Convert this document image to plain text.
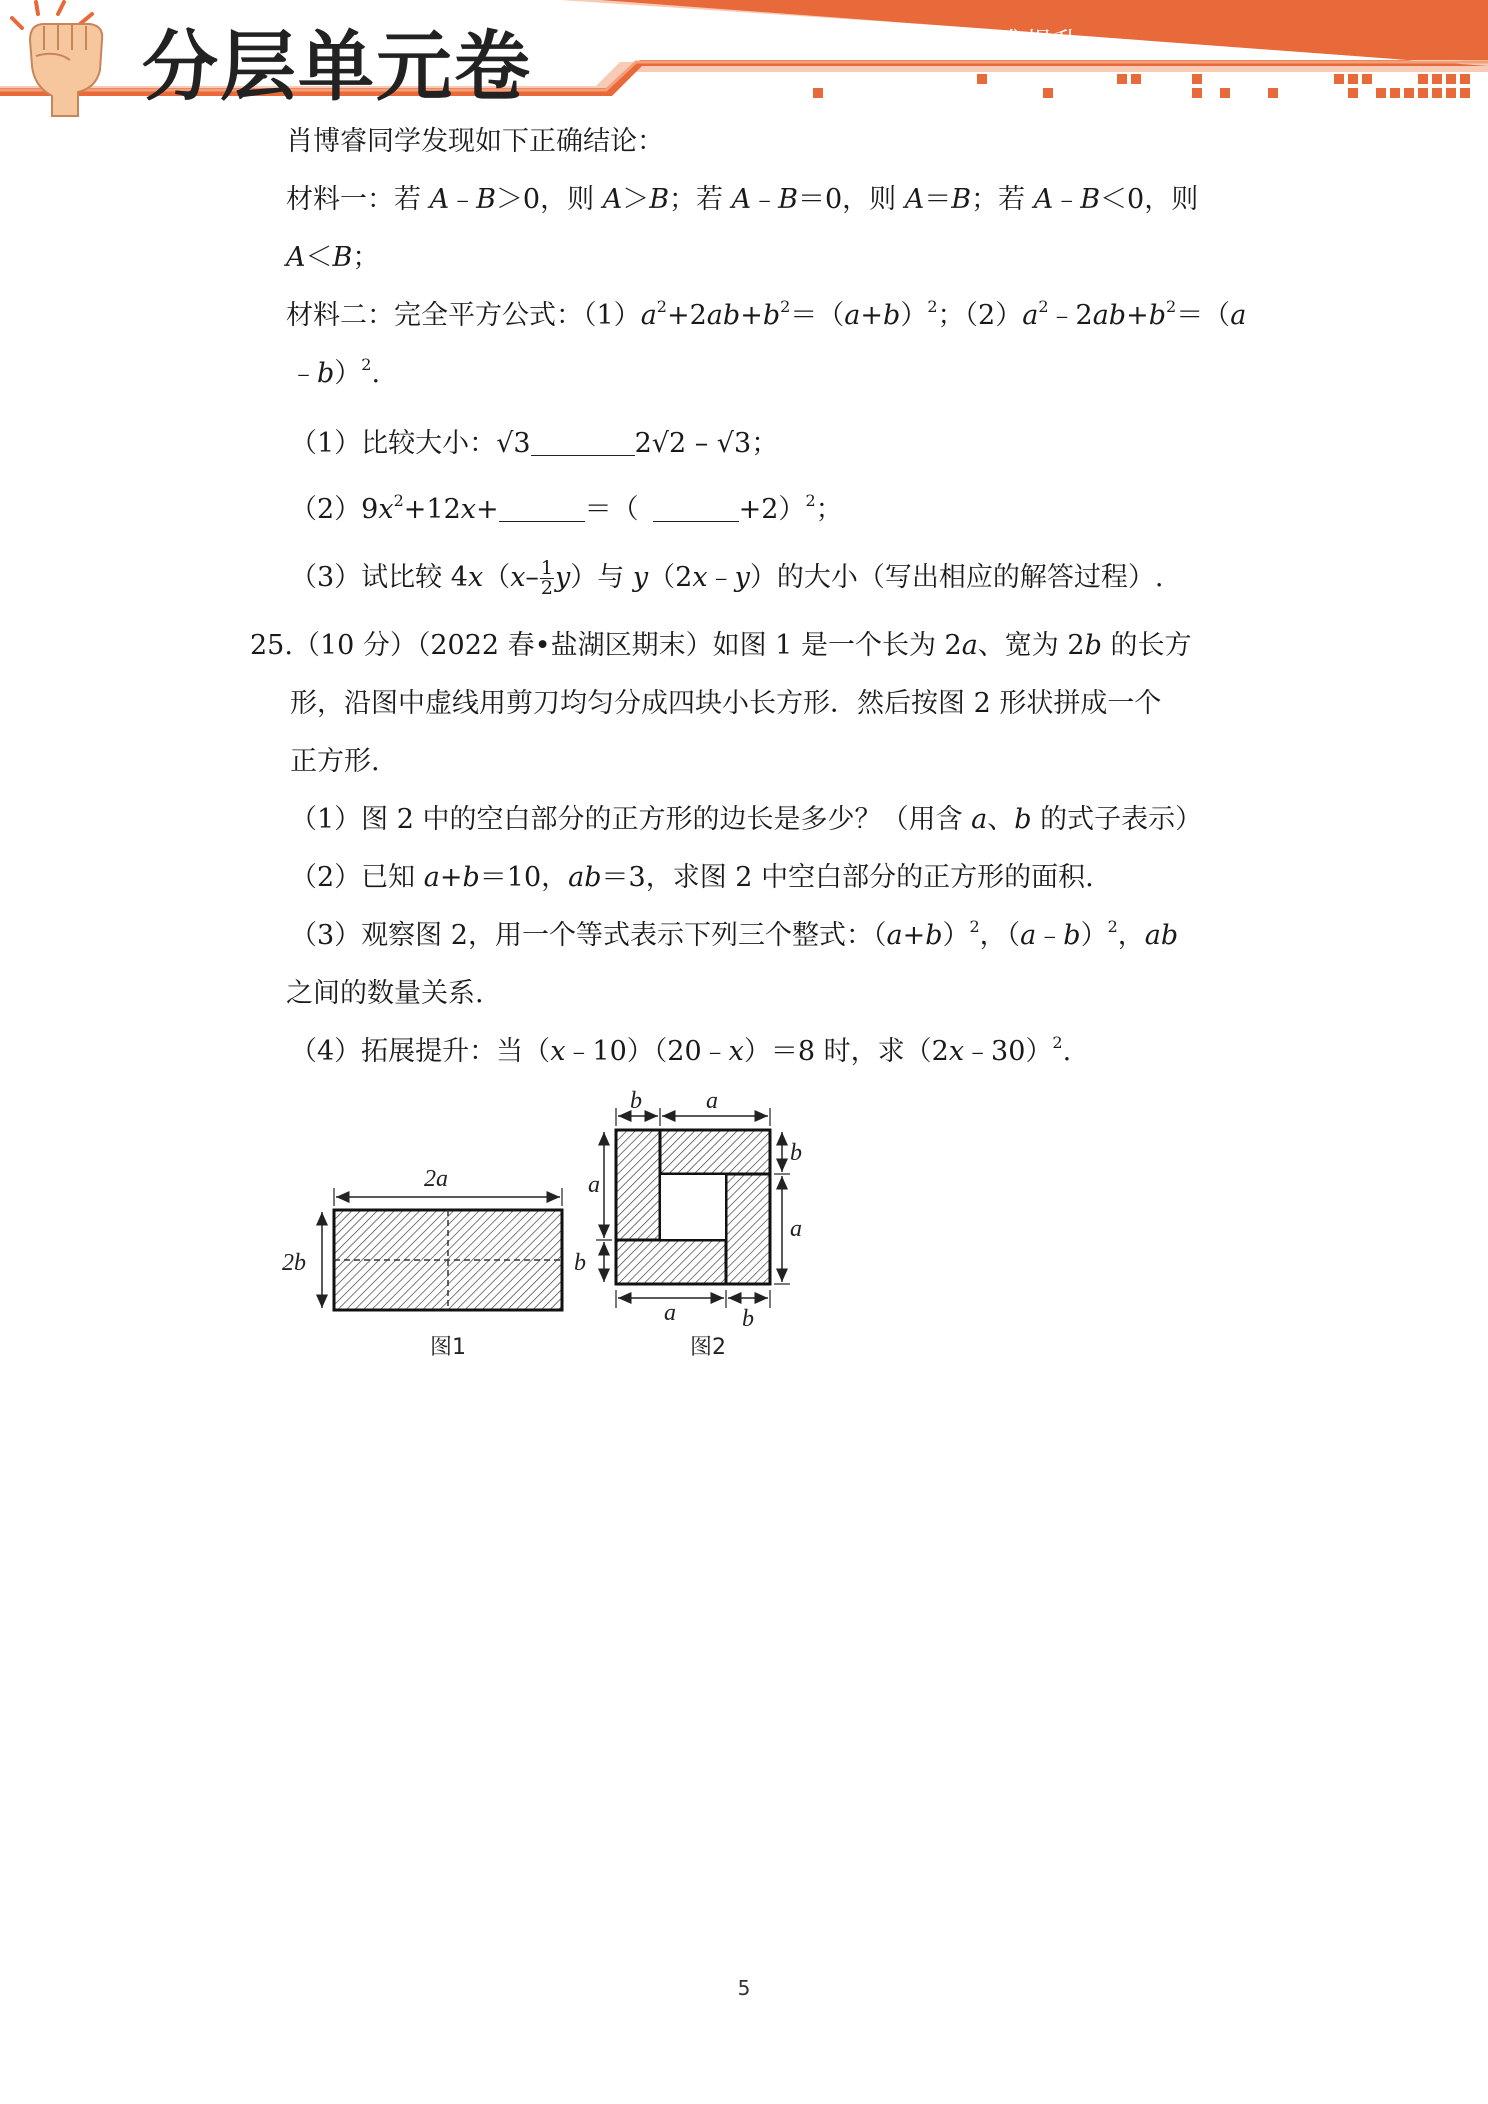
分层单元卷	名师伴学 分层好题 精准提升
肖博睿同学发现如下正确结论：
材料一：若 A﹣B＞0，则 A＞B；若 A﹣B＝0，则 A＝B；若 A﹣B＜0，则
A＜B；
材料二：完全平方公式：$(1)a^2+2ab+b^2=(a+b)^2$；$(2)a^2﹣2ab+b^2=(a$
﹣b）$^2$.
（1）比较大小：√3	2√2 – √3；
$(2)9x^2+12x+$	＝（	+2）$^2$；
（3）试比较 $4x(x- \frac{1}{2} y)$与 y（2x﹣y）的大小（写出相应的解答过程）.
25.（10 分）（2022 春•盐湖区期末）如图 1 是一个长为 2a、宽为 2b 的长方
形，沿图中虚线用剪刀均匀分成四块小长方形．然后按图 2 形状拼成一个
正方形.
（1）图 2 中的空白部分的正方形的边长是多少？（用含 a、b 的式子表示）
（2）已知 a+b＝10，ab＝3，求图 2 中空白部分的正方形的面积.
（3）观察图 2，用一个等式表示下列三个整式：$(a+b)^2$，（a﹣b）$^2$，ab
之间的数量关系.
（4）拓展提升：当（x﹣10）（20﹣x）＝8 时，求（2x﹣30）$^2$.
2a
2b
图1
b	a
b
a
a
b
a	b
图2
5
